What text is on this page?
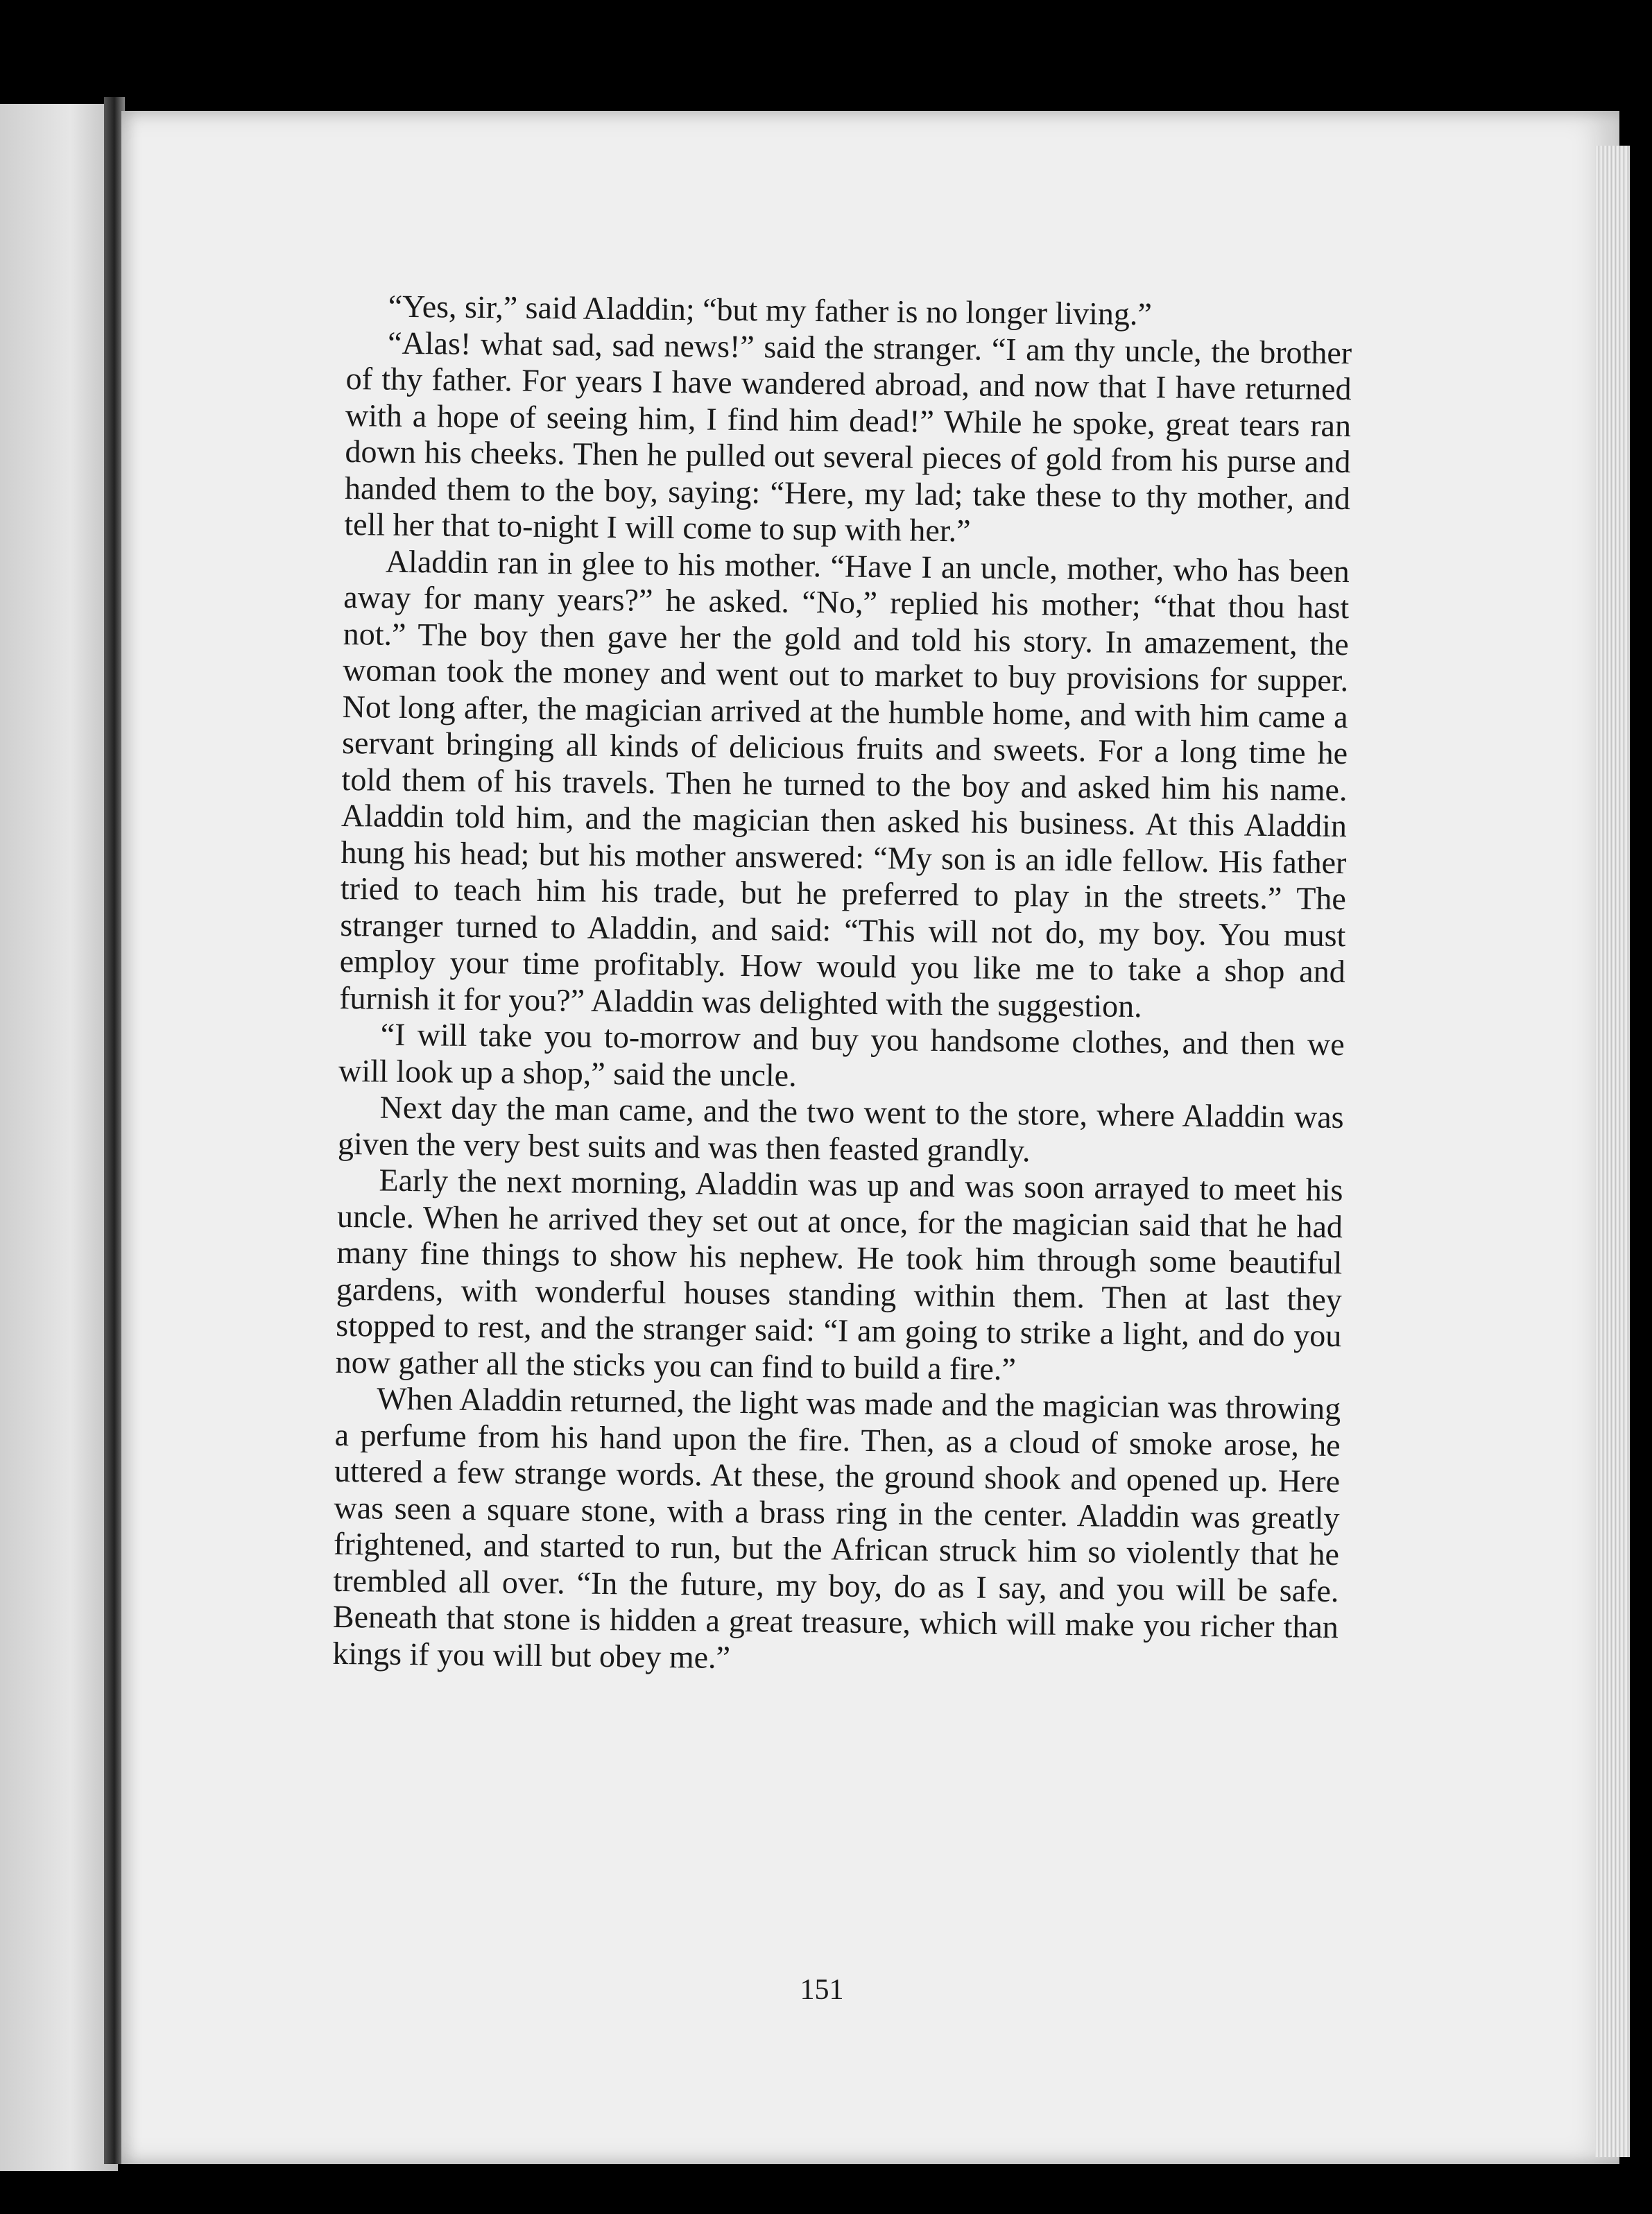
“Yes, sir,” said Aladdin; “but my father is no longer living.”

“Alas! what sad, sad news!” said the stranger. “I am thy uncle, the brother of thy father. For years I have wandered abroad, and now that I have returned with a hope of seeing him, I find him dead!” While he spoke, great tears ran down his cheeks. Then he pulled out several pieces of gold from his purse and handed them to the boy, saying: “Here, my lad; take these to thy mother, and tell her that to-night I will come to sup with her.”

Aladdin ran in glee to his mother. “Have I an uncle, mother, who has been away for many years?” he asked. “No,” replied his mother; “that thou hast not.” The boy then gave her the gold and told his story. In amazement, the woman took the money and went out to market to buy provisions for supper. Not long after, the magician arrived at the humble home, and with him came a servant bringing all kinds of delicious fruits and sweets. For a long time he told them of his travels. Then he turned to the boy and asked him his name. Aladdin told him, and the magician then asked his business. At this Aladdin hung his head; but his mother answered: “My son is an idle fellow. His father tried to teach him his trade, but he preferred to play in the streets.” The stranger turned to Aladdin, and said: “This will not do, my boy. You must employ your time profitably. How would you like me to take a shop and furnish it for you?” Aladdin was delighted with the suggestion.

“I will take you to-morrow and buy you handsome clothes, and then we will look up a shop,” said the uncle.

Next day the man came, and the two went to the store, where Aladdin was given the very best suits and was then feasted grandly.

Early the next morning, Aladdin was up and was soon arrayed to meet his uncle. When he arrived they set out at once, for the magician said that he had many fine things to show his nephew. He took him through some beautiful gardens, with wonderful houses standing within them. Then at last they stopped to rest, and the stranger said: “I am going to strike a light, and do you now gather all the sticks you can find to build a fire.”

When Aladdin returned, the light was made and the magician was throwing a perfume from his hand upon the fire. Then, as a cloud of smoke arose, he uttered a few strange words. At these, the ground shook and opened up. Here was seen a square stone, with a brass ring in the center. Aladdin was greatly frightened, and started to run, but the African struck him so violently that he trembled all over. “In the future, my boy, do as I say, and you will be safe. Beneath that stone is hidden a great treasure, which will make you richer than kings if you will but obey me.”

151
